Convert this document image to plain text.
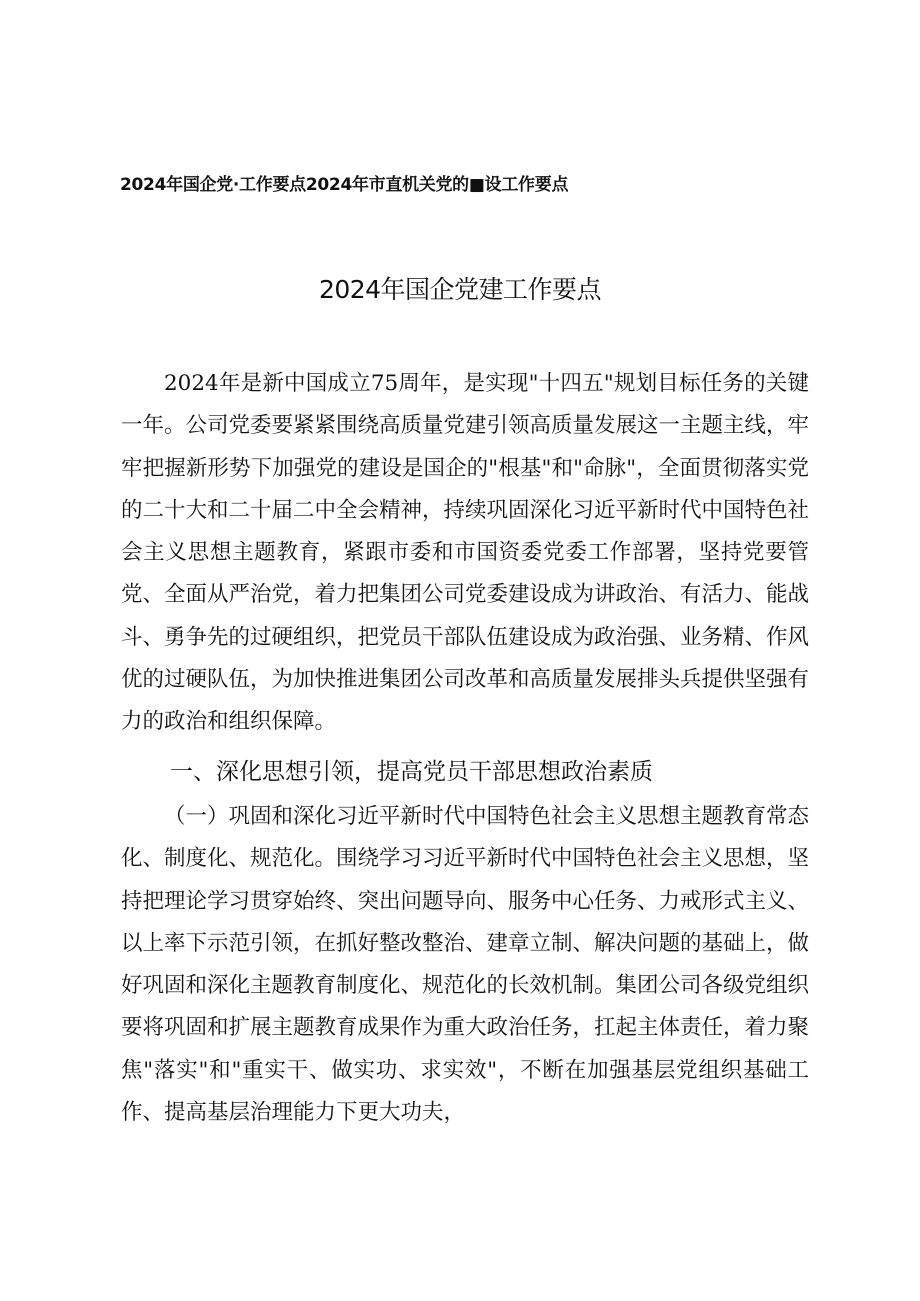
2024年国企党·工作要点2024年市直机关党的■设工作要点
2024年国企党建工作要点

2024年是新中国成立75周年，是实现"十四五"规划目标任务的关键一年。公司党委要紧紧围绕高质量党建引领高质量发展这一主题主线，牢牢把握新形势下加强党的建设是国企的"根基"和"命脉"，全面贯彻落实党的二十大和二十届二中全会精神，持续巩固深化习近平新时代中国特色社会主义思想主题教育，紧跟市委和市国资委党委工作部署，坚持党要管党、全面从严治党，着力把集团公司党委建设成为讲政治、有活力、能战斗、勇争先的过硬组织，把党员干部队伍建设成为政治强、业务精、作风优的过硬队伍，为加快推进集团公司改革和高质量发展排头兵提供坚强有力的政治和组织保障。

一、深化思想引领，提高党员干部思想政治素质

（一）巩固和深化习近平新时代中国特色社会主义思想主题教育常态化、制度化、规范化。围绕学习习近平新时代中国特色社会主义思想，坚持把理论学习贯穿始终、突出问题导向、服务中心任务、力戒形式主义、以上率下示范引领，在抓好整改整治、建章立制、解决问题的基础上，做好巩固和深化主题教育制度化、规范化的长效机制。集团公司各级党组织要将巩固和扩展主题教育成果作为重大政治任务，扛起主体责任，着力聚焦"落实"和"重实干、做实功、求实效"，不断在加强基层党组织基础工作、提高基层治理能力下更大功夫，
